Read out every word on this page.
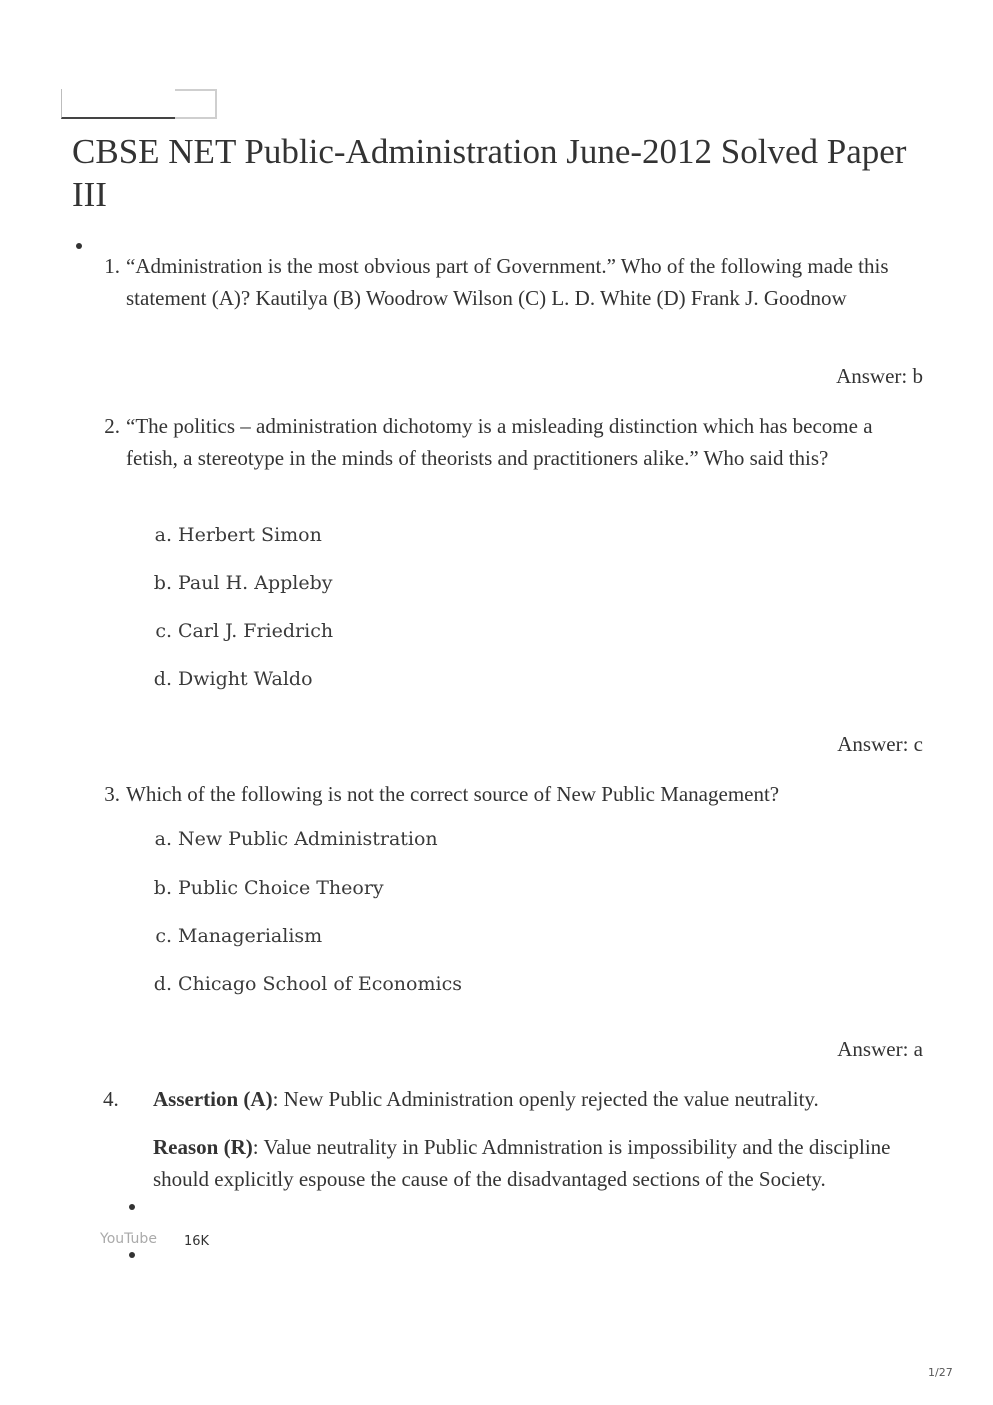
CBSE NET Public-Administration June-2012 Solved Paper III
1. “Administration is the most obvious part of Government.” Who of the following made this statement (A)? Kautilya (B) Woodrow Wilson (C) L. D. White (D) Frank J. Goodnow
Answer: b
2. “The politics – administration dichotomy is a misleading distinction which has become a fetish, a stereotype in the minds of theorists and practitioners alike.” Who said this?
a. Herbert Simon
b. Paul H. Appleby
c. Carl J. Friedrich
d. Dwight Waldo
Answer: c
3. Which of the following is not the correct source of New Public Management?
a. New Public Administration
b. Public Choice Theory
c. Managerialism
d. Chicago School of Economics
Answer: a
4. Assertion (A): New Public Administration openly rejected the value neutrality.
Reason (R): Value neutrality in Public Admnistration is impossibility and the discipline should explicitly espouse the cause of the disadvantaged sections of the Society.
YouTube 16K
1/27
